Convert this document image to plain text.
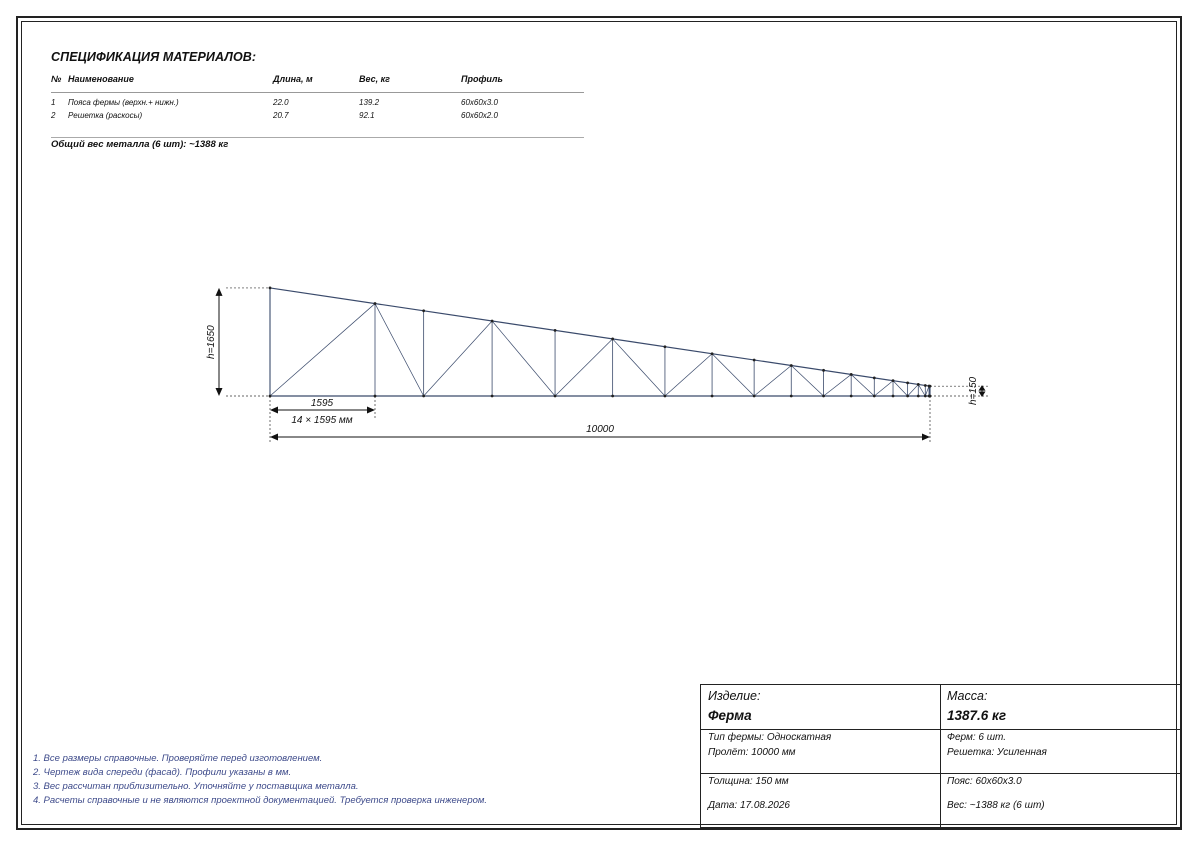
СПЕЦИФИКАЦИЯ МАТЕРИАЛОВ:
№ Наименование	Длина, м	Вес, кг	Профиль
1 Пояса фермы (верхн.+ нижн.)	22.0	139.2	60x60x3.0
2 Решетка (раскосы)	20.7	92.1	60x60x2.0
Общий вес металла (6 шт): ~1388 кг
h=1650
h=150
1595
14 × 1595 мм
10000
1. Все размеры справочные. Проверяйте перед изготовлением.
2. Чертеж вида спереди (фасад). Профили указаны в мм.
3. Вес рассчитан приблизительно. Уточняйте у поставщика металла.
4. Расчеты справочные и не являются проектной документацией. Требуется проверка инженером.
Изделие:
Ферма
Масса:
1387.6 кг
Тип фермы: Односкатная
Пролёт: 10000 мм
Ферм: 6 шт.
Решетка: Усиленная
Толщина: 150 мм	Пояс: 60x60x3.0
Дата: 17.08.2026	Вес: ~1388 кг (6 шт)
